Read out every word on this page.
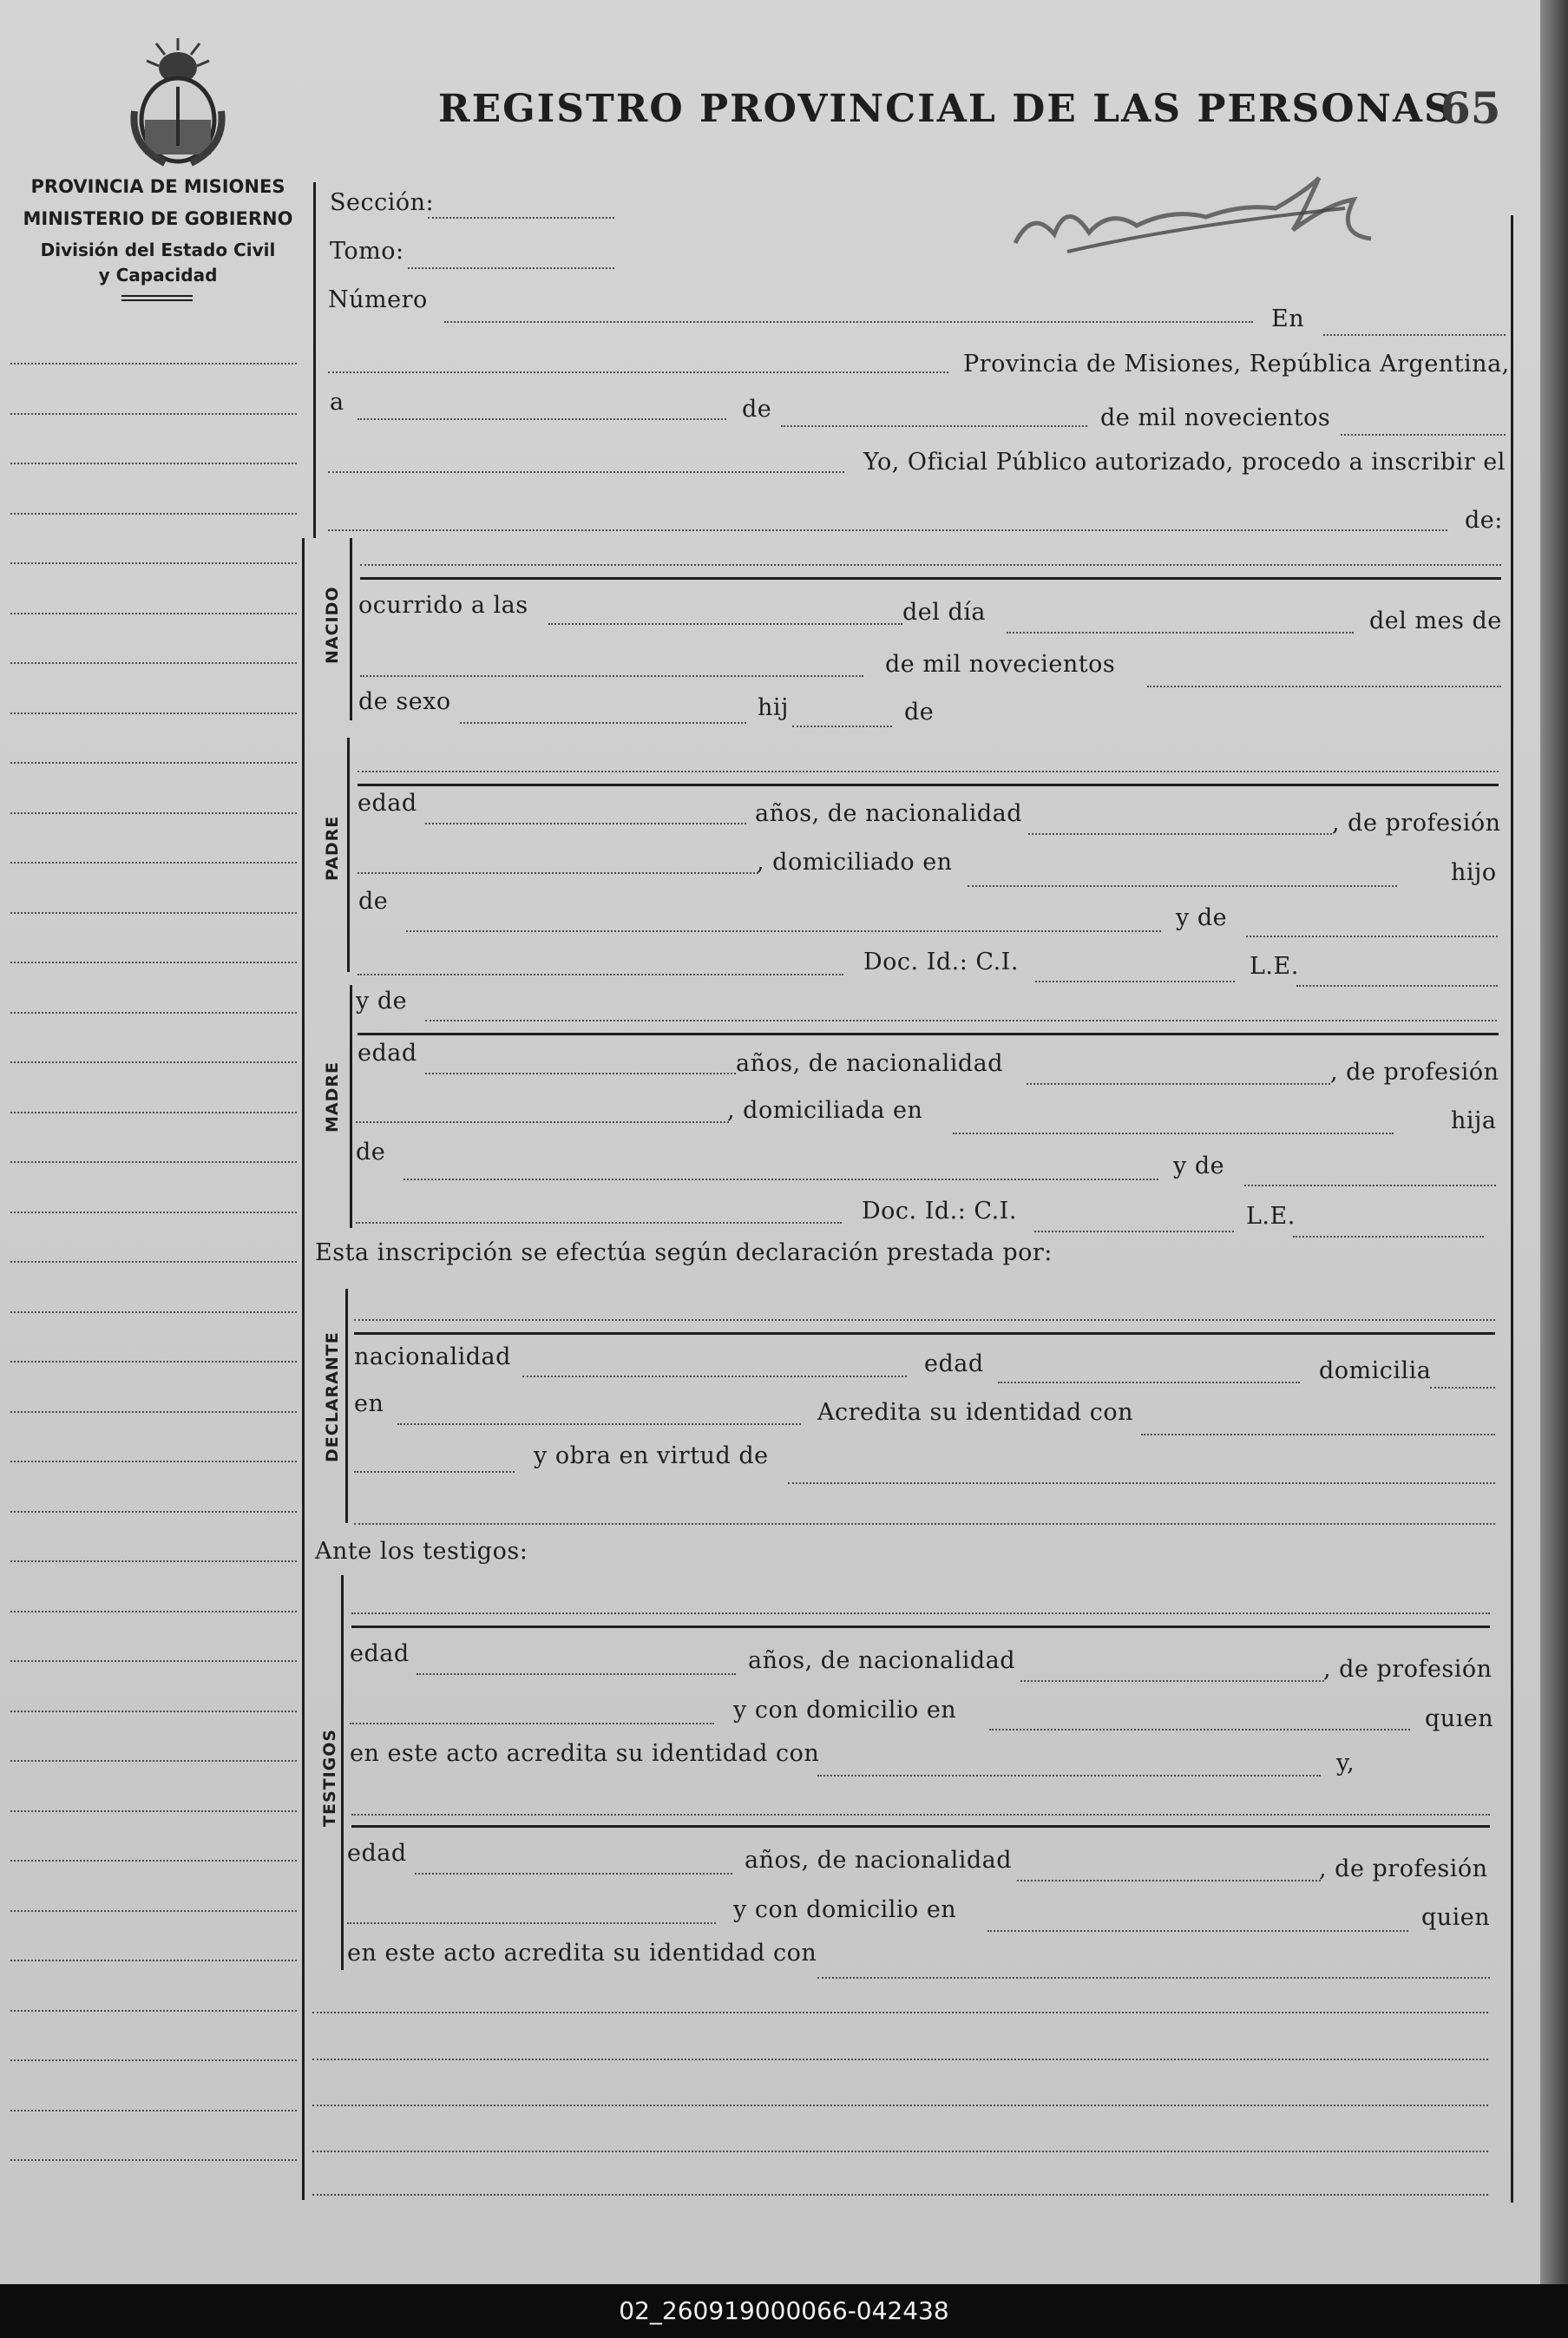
PROVINCIA DE MISIONES
MINISTERIO DE GOBIERNO
División del Estado Civil
y Capacidad
REGISTRO PROVINCIAL DE LAS PERSONAS
65
Sección:
Tomo:
Número
En
Provincia de Misiones, República Argentina,
a	de	de mil novecientos
Yo, Oficial Público autorizado, procedo a inscribir el
de:
NACIDO ocurrido a las	del día	del mes de
de mil novecientos
de sexo	hij	de
PADRE
edad	años, de nacionalidad	, de profesión
, domiciliado en	hijo
de
y de
Doc. Id.: C.I.	L.E.
MADRE
y de
edad	años, de nacionalidad	, de profesión
, domiciliada en	hija
de
y de
Doc. Id.: C.I.	L.E.
Esta inscripción se efectúa según declaración prestada por:
DECLARANTE nacionalidad	edad	domicilia
en	Acredita su identidad con
y obra en virtud de
Ante los testigos:
TESTIGOS
edad	años, de nacionalidad	, de profesión
y con domicilio en	quıen
en este acto acredita su identidad con	y,
edad	años, de nacionalidad	, de profesión
y con domicilio en	quien
en este acto acredita su identidad con
02_260919000066-042438
